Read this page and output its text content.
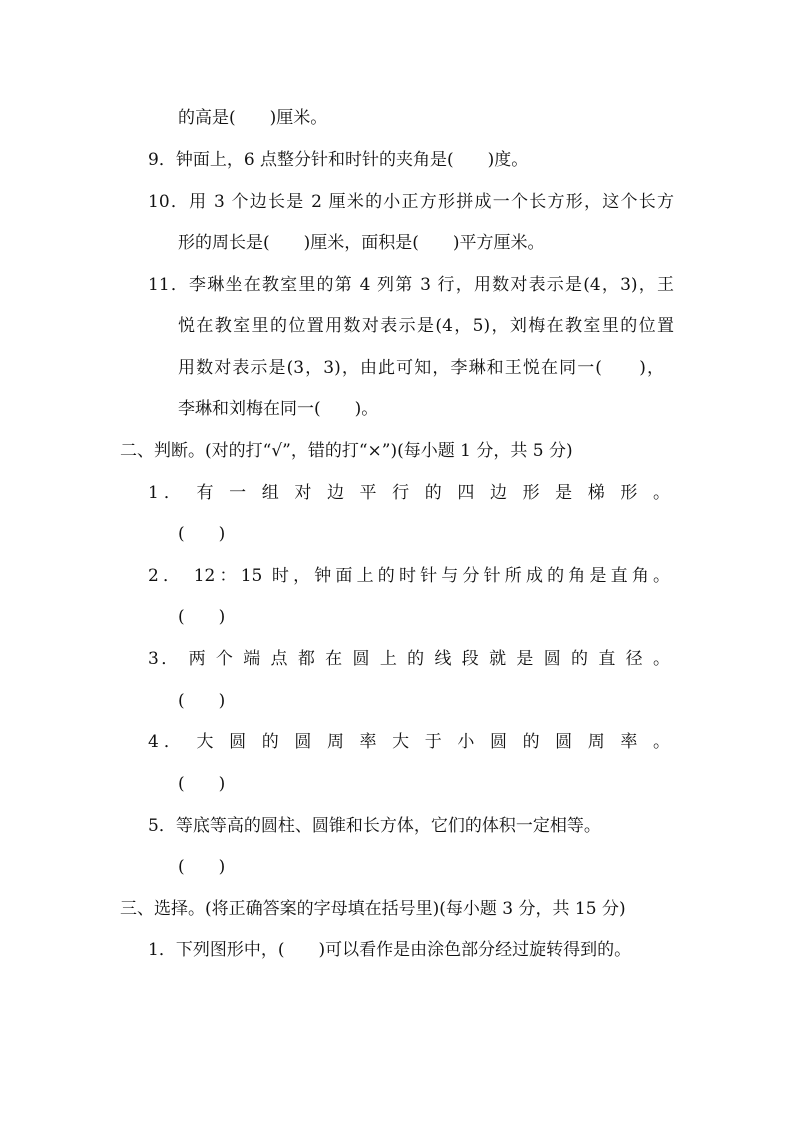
的高是(　　)厘米。
9．钟面上，6 点整分针和时针的夹角是(　　)度。
10．用 3 个边长是 2 厘米的小正方形拼成一个长方形，这个长方
形的周长是(　　)厘米，面积是(　　)平方厘米。
11．李琳坐在教室里的第 4 列第 3 行，用数对表示是(4，3)，王
悦在教室里的位置用数对表示是(4，5)，刘梅在教室里的位置
用数对表示是(3，3)，由此可知，李琳和王悦在同一(　　)，
李琳和刘梅在同一(　　)。
二、判断。(对的打“√”，错的打“×”)(每小题 1 分，共 5 分)
1． 有 一 组 对 边 平 行 的 四 边 形 是 梯 形 。
(　　)
2． 12：15 时，钟面上的时针与分针所成的角是直角。
(　　)
3． 两 个 端 点 都 在 圆 上 的 线 段 就 是 圆 的 直 径 。
(　　)
4． 大 圆 的 圆 周 率 大 于 小 圆 的 圆 周 率 。
(　　)
5．等底等高的圆柱、圆锥和长方体，它们的体积一定相等。
(　　)
三、选择。(将正确答案的字母填在括号里)(每小题 3 分，共 15 分)
1．下列图形中，(　　)可以看作是由涂色部分经过旋转得到的。
